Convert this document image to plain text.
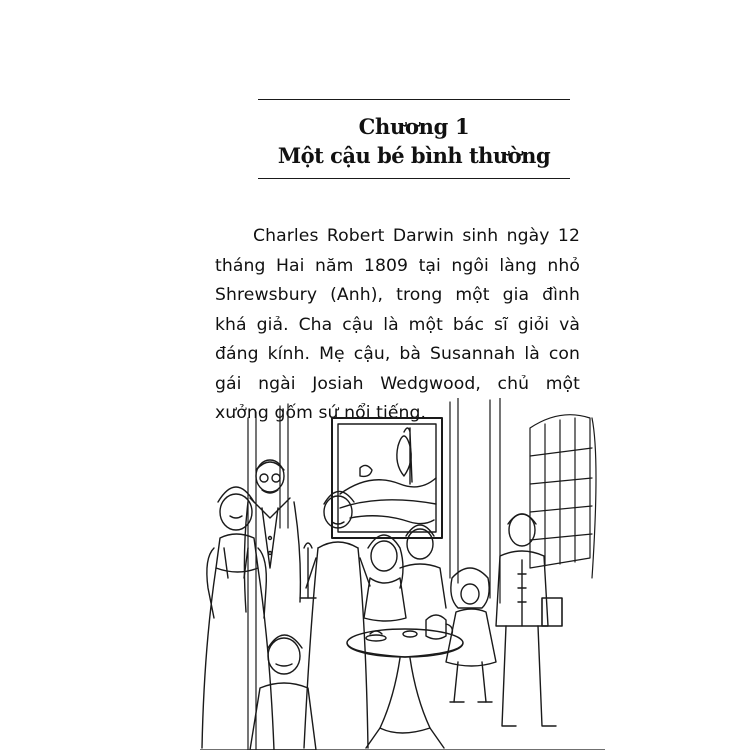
Chương 1
Một cậu bé bình thường

Charles Robert Darwin sinh ngày 12 tháng Hai năm 1809 tại ngôi làng nhỏ Shrewsbury (Anh), trong một gia đình khá giả. Cha cậu là một bác sĩ giỏi và đáng kính. Mẹ cậu, bà Susannah là con gái ngài Josiah Wedgwood, chủ một xưởng gốm sứ nổi tiếng.
